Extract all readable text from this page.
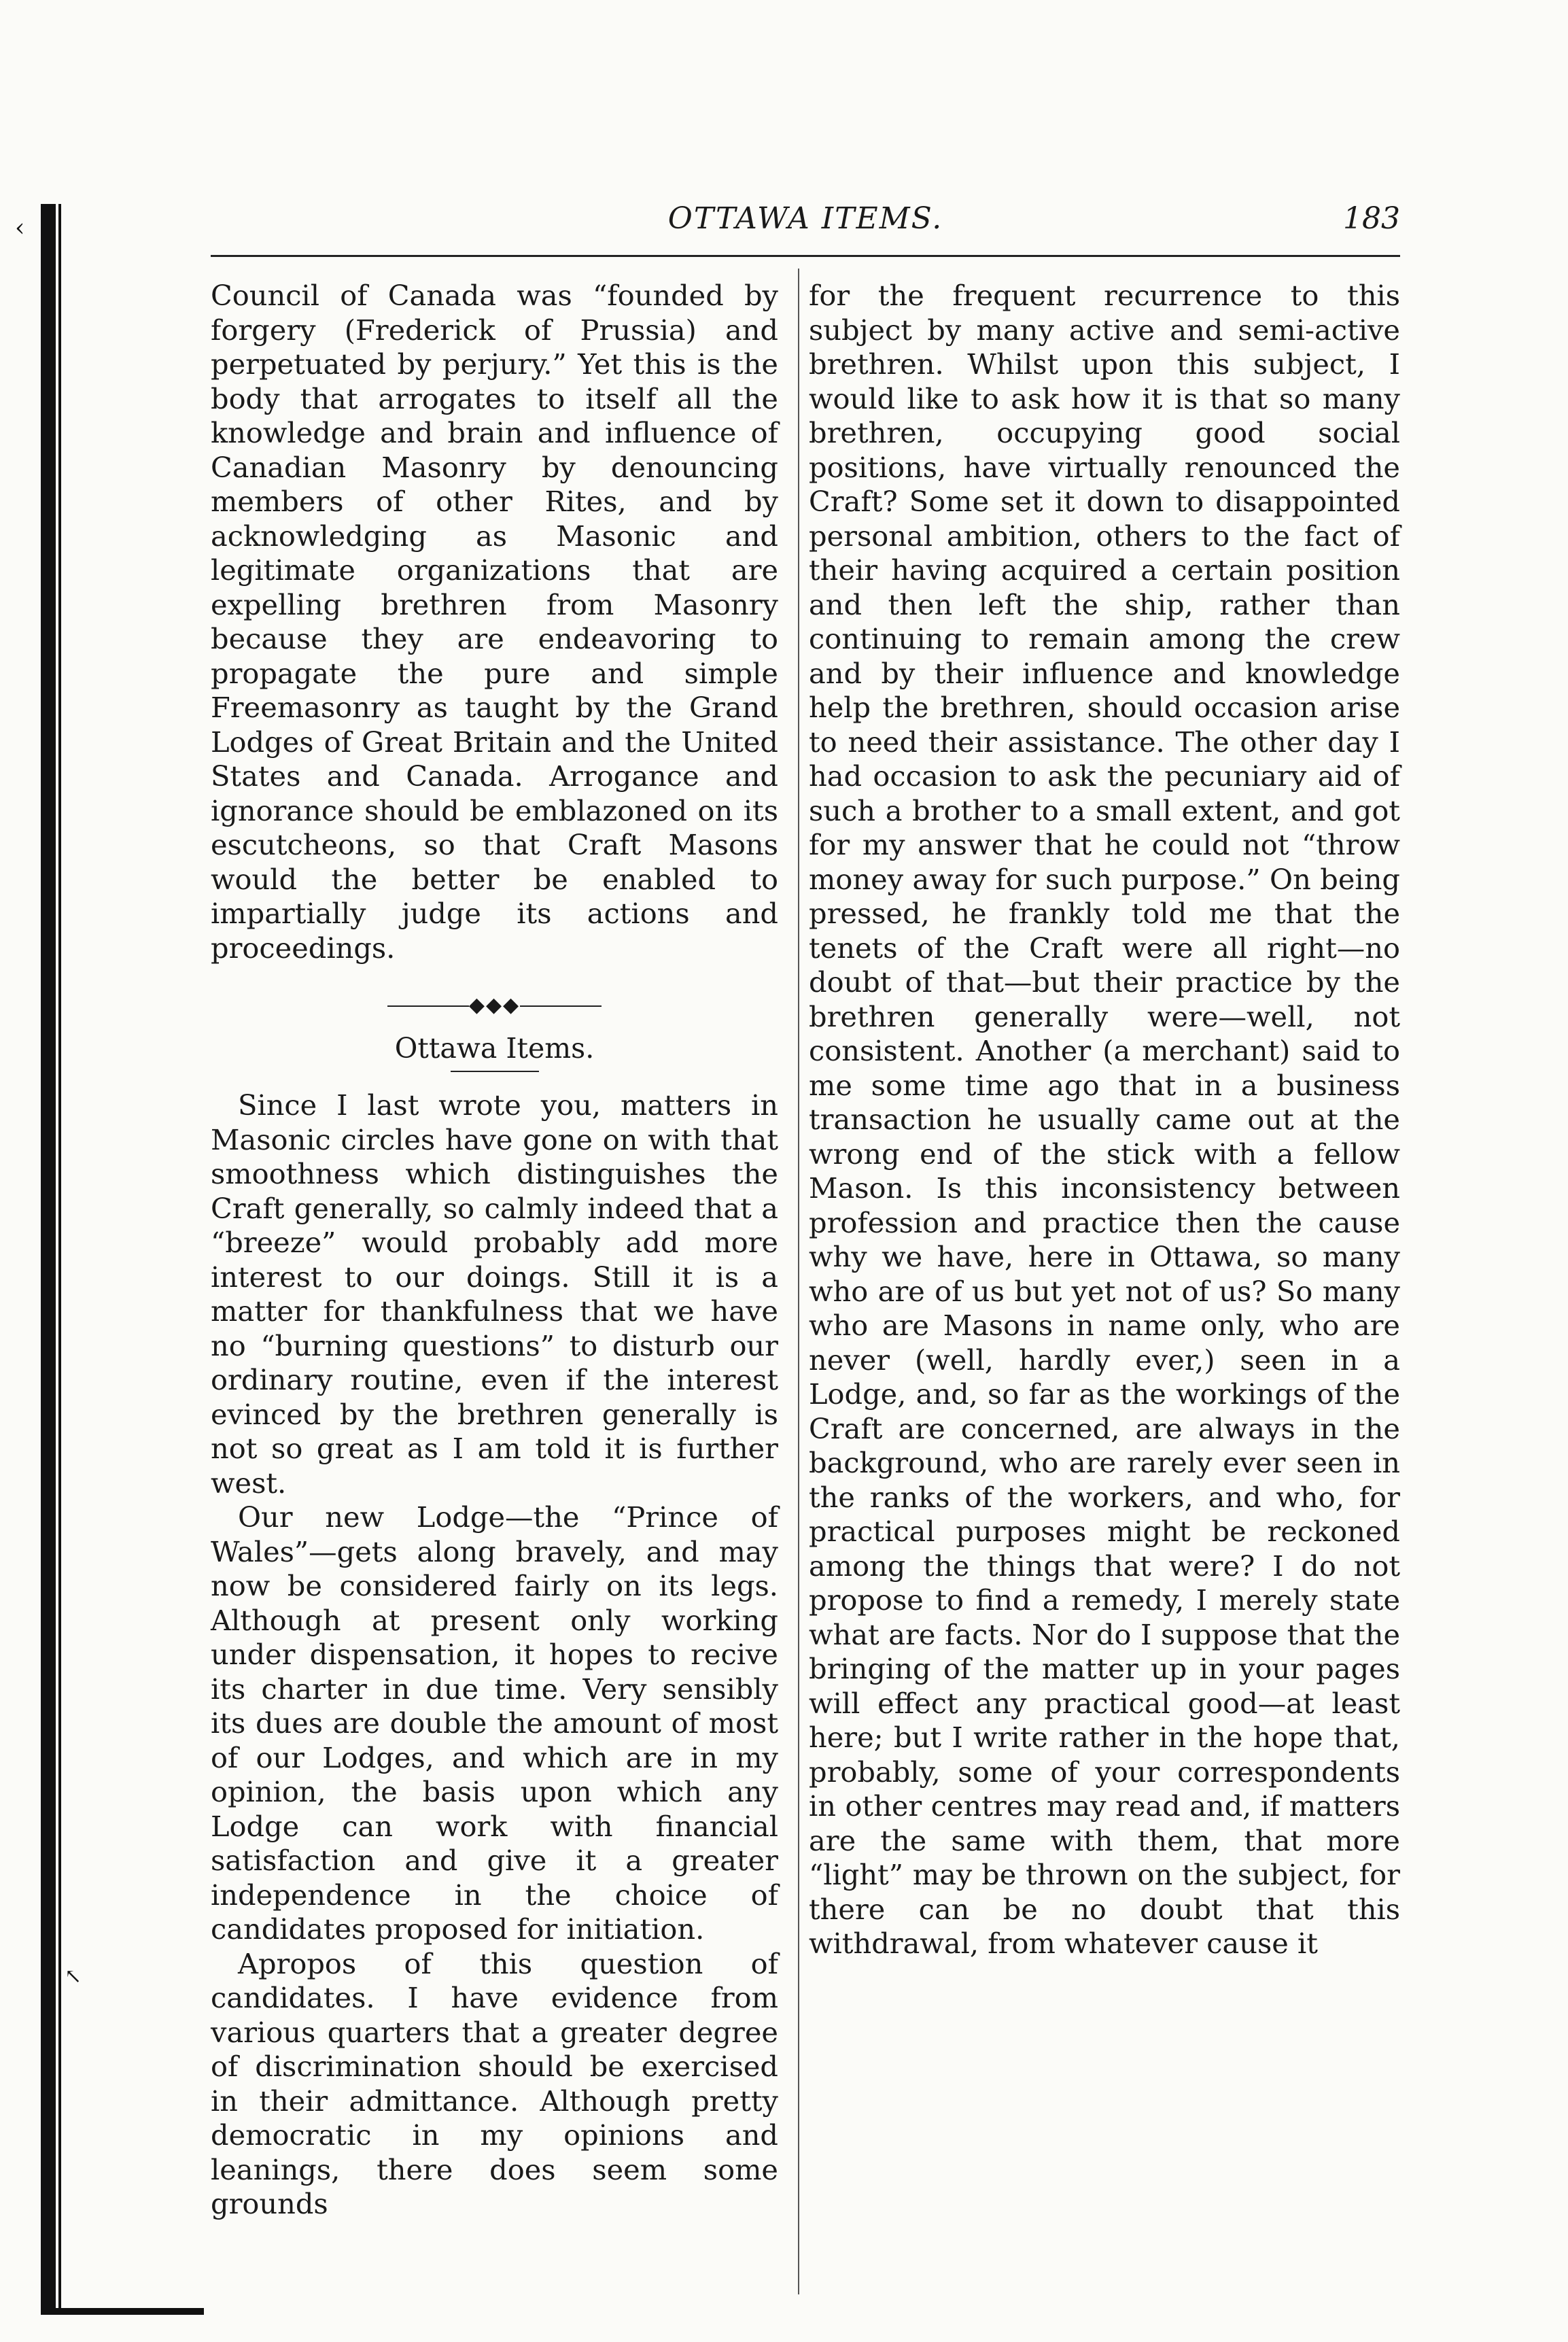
‹
↖
OTTAWA ITEMS.	183

Council of Canada was “founded by forgery (Frederick of Prussia) and perpetuated by perjury.” Yet this is the body that arrogates to itself all the knowledge and brain and influence of Canadian Masonry by denouncing members of other Rites, and by acknowledging as Masonic and legitimate organizations that are expelling brethren from Masonry because they are endeavoring to propagate the pure and simple Freemasonry as taught by the Grand Lodges of Great Britain and the United States and Canada. Arrogance and ignorance should be emblazoned on its escutcheons, so that Craft Masons would the better be enabled to impartially judge its actions and proceedings.

◆◆◆
Ottawa Items.

Since I last wrote you, matters in Masonic circles have gone on with that smoothness which distinguishes the Craft generally, so calmly indeed that a “breeze” would probably add more interest to our doings. Still it is a matter for thankfulness that we have no “burning questions” to disturb our ordinary routine, even if the interest evinced by the brethren generally is not so great as I am told it is further west.

Our new Lodge—the “Prince of Wales”—gets along bravely, and may now be considered fairly on its legs. Although at present only working under dispensation, it hopes to recive its charter in due time. Very sensibly its dues are double the amount of most of our Lodges, and which are in my opinion, the basis upon which any Lodge can work with financial satisfaction and give it a greater independence in the choice of candidates proposed for initiation.

Apropos of this question of candidates. I have evidence from various quarters that a greater degree of discrimination should be exercised in their admittance. Although pretty democratic in my opinions and leanings, there does seem some grounds

for the frequent recurrence to this subject by many active and semi-active brethren. Whilst upon this subject, I would like to ask how it is that so many brethren, occupying good social positions, have virtually renounced the Craft? Some set it down to disappointed personal ambition, others to the fact of their having acquired a certain position and then left the ship, rather than continuing to remain among the crew and by their influence and knowledge help the brethren, should occasion arise to need their assistance. The other day I had occasion to ask the pecuniary aid of such a brother to a small extent, and got for my answer that he could not “throw money away for such purpose.” On being pressed, he frankly told me that the tenets of the Craft were all right—no doubt of that—but their practice by the brethren generally were—well, not consistent. Another (a merchant) said to me some time ago that in a business transaction he usually came out at the wrong end of the stick with a fellow Mason. Is this inconsistency between profession and practice then the cause why we have, here in Ottawa, so many who are of us but yet not of us? So many who are Masons in name only, who are never (well, hardly ever,) seen in a Lodge, and, so far as the workings of the Craft are concerned, are always in the background, who are rarely ever seen in the ranks of the workers, and who, for practical purposes might be reckoned among the things that were? I do not propose to find a remedy, I merely state what are facts. Nor do I suppose that the bringing of the matter up in your pages will effect any practical good—at least here; but I write rather in the hope that, probably, some of your correspondents in other centres may read and, if matters are the same with them, that more “light” may be thrown on the subject, for there can be no doubt that this withdrawal, from whatever cause it
